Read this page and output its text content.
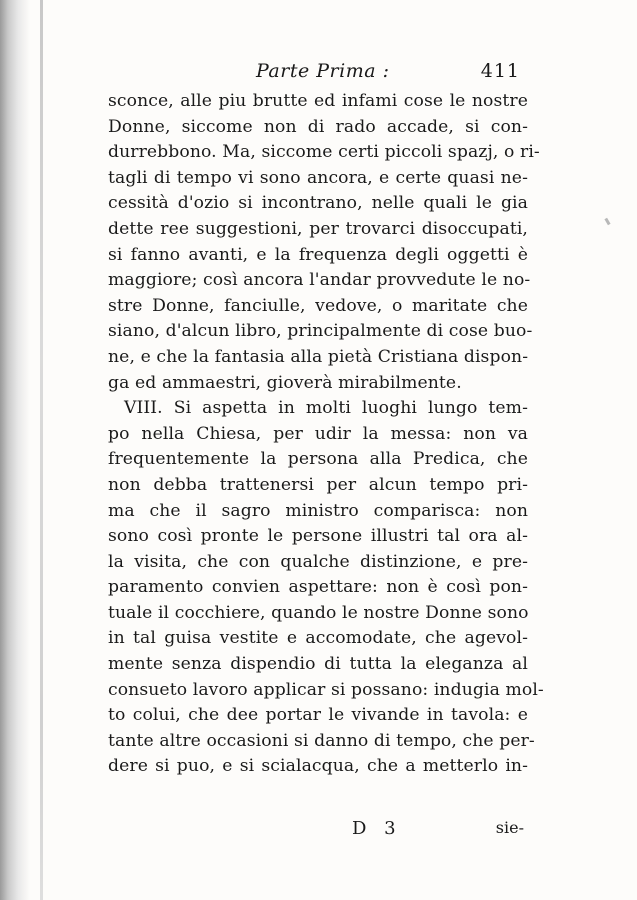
Parte Prima :	411
sconce, alle piu brutte ed infami cose le nostre
Donne, siccome non di rado accade, si con-
durrebbono. Ma, siccome certi piccoli spazj, o ri-
tagli di tempo vi sono ancora, e certe quasi ne-
cessità d'ozio si incontrano, nelle quali le gia
dette ree suggestioni, per trovarci disoccupati,
si fanno avanti, e la frequenza degli oggetti è
maggiore; così ancora l'andar provvedute le no-
stre Donne, fanciulle, vedove, o maritate che
siano, d'alcun libro, principalmente di cose buo-
ne, e che la fantasia alla pietà Cristiana dispon-
ga ed ammaestri, gioverà mirabilmente.
VIII. Si aspetta in molti luoghi lungo tem-
po nella Chiesa, per udir la messa: non va
frequentemente la persona alla Predica, che
non debba trattenersi per alcun tempo pri-
ma che il sagro ministro comparisca: non
sono così pronte le persone illustri tal ora al-
la visita, che con qualche distinzione, e pre-
paramento convien aspettare: non è così pon-
tuale il cocchiere, quando le nostre Donne sono
in tal guisa vestite e accomodate, che agevol-
mente senza dispendio di tutta la eleganza al
consueto lavoro applicar si possano: indugia mol-
to colui, che dee portar le vivande in tavola: e
tante altre occasioni si danno di tempo, che per-
dere si puo, e si scialacqua, che a metterlo in-
D 3	sie-
